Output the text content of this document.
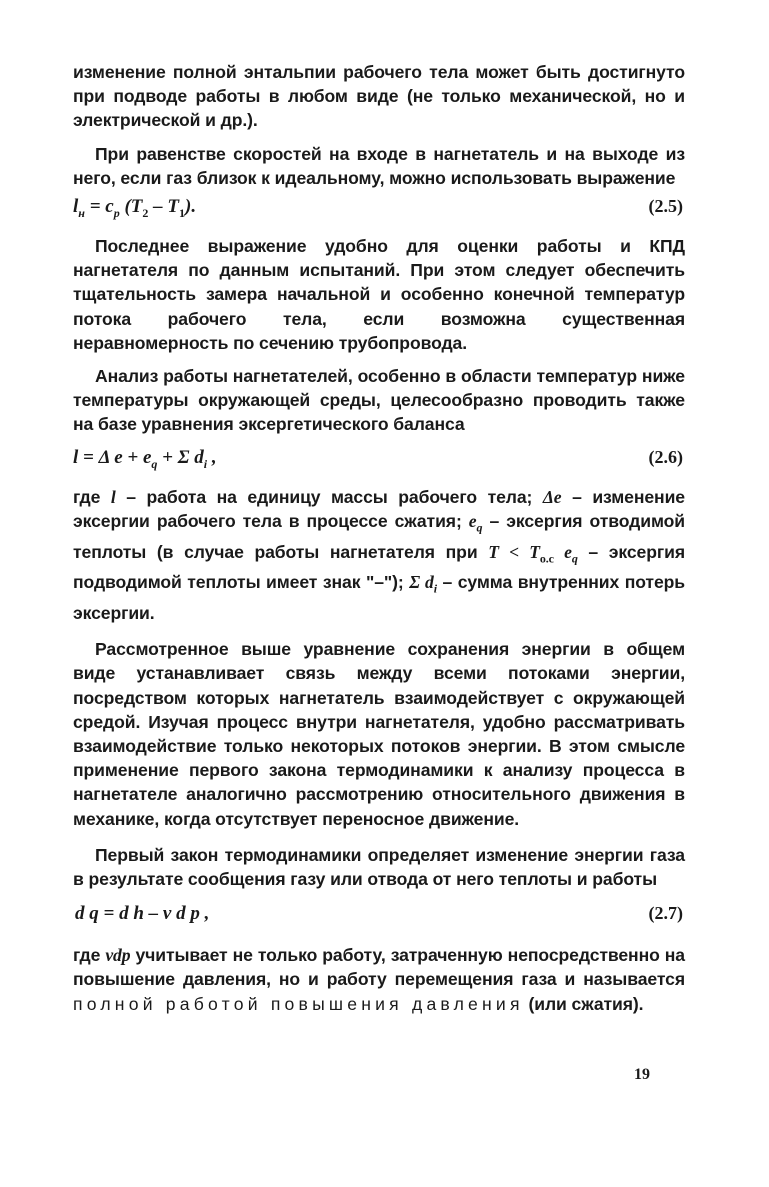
изменение полной энтальпии рабочего тела может быть достигнуто при подводе работы в любом виде (не только механической, но и электрической и др.).

При равенстве скоростей на входе в нагнетатель и на выходе из него, если газ близок к идеальному, можно использовать выражение

$l_н = c_p$ $(T_2 - T_1)$.	(2.5)

Последнее выражение удобно для оценки работы и КПД нагнетателя по данным испытаний. При этом следует обеспечить тщательность замера начальной и особенно конечной температур потока рабочего тела, если возможна существенная неравномерность по сечению трубопровода.

Анализ работы нагнетателей, особенно в области температур ниже температуры окружающей среды, целесообразно проводить также на базе уравнения эксергетического баланса

l = Δ $e + e_q + \Sigma$ $d_i$ ,	(2.6)

где l – работа на единицу массы рабочего тела; Δe – изменение эксергии рабочего тела в процессе сжатия; $e_q$ – эксергия отводимой теплоты (в случае работы нагнетателя при $T < T_{о.с}$ $e_q$ – эксергия подводимой теплоты имеет знак "–"); Σ $d_i$ – сумма внутренних потерь эксергии.

Рассмотренное выше уравнение сохранения энергии в общем виде устанавливает связь между всеми потоками энергии, посредством которых нагнетатель взаимодействует с окружающей средой. Изучая процесс внутри нагнетателя, удобно рассматривать взаимодействие только некоторых потоков энергии. В этом смысле применение первого закона термодинамики к анализу процесса в нагнетателе аналогично рассмотрению относительного движения в механике, когда отсутствует переносное движение.

Первый закон термодинамики определяет изменение энергии газа в результате сообщения газу или отвода от него теплоты и работы

d q = d h – v d p ,	(2.7)

где vdp учитывает не только работу, затраченную непосредственно на повышение давления, но и работу перемещения газа и называется полной работой повышения давления (или сжатия).

19
